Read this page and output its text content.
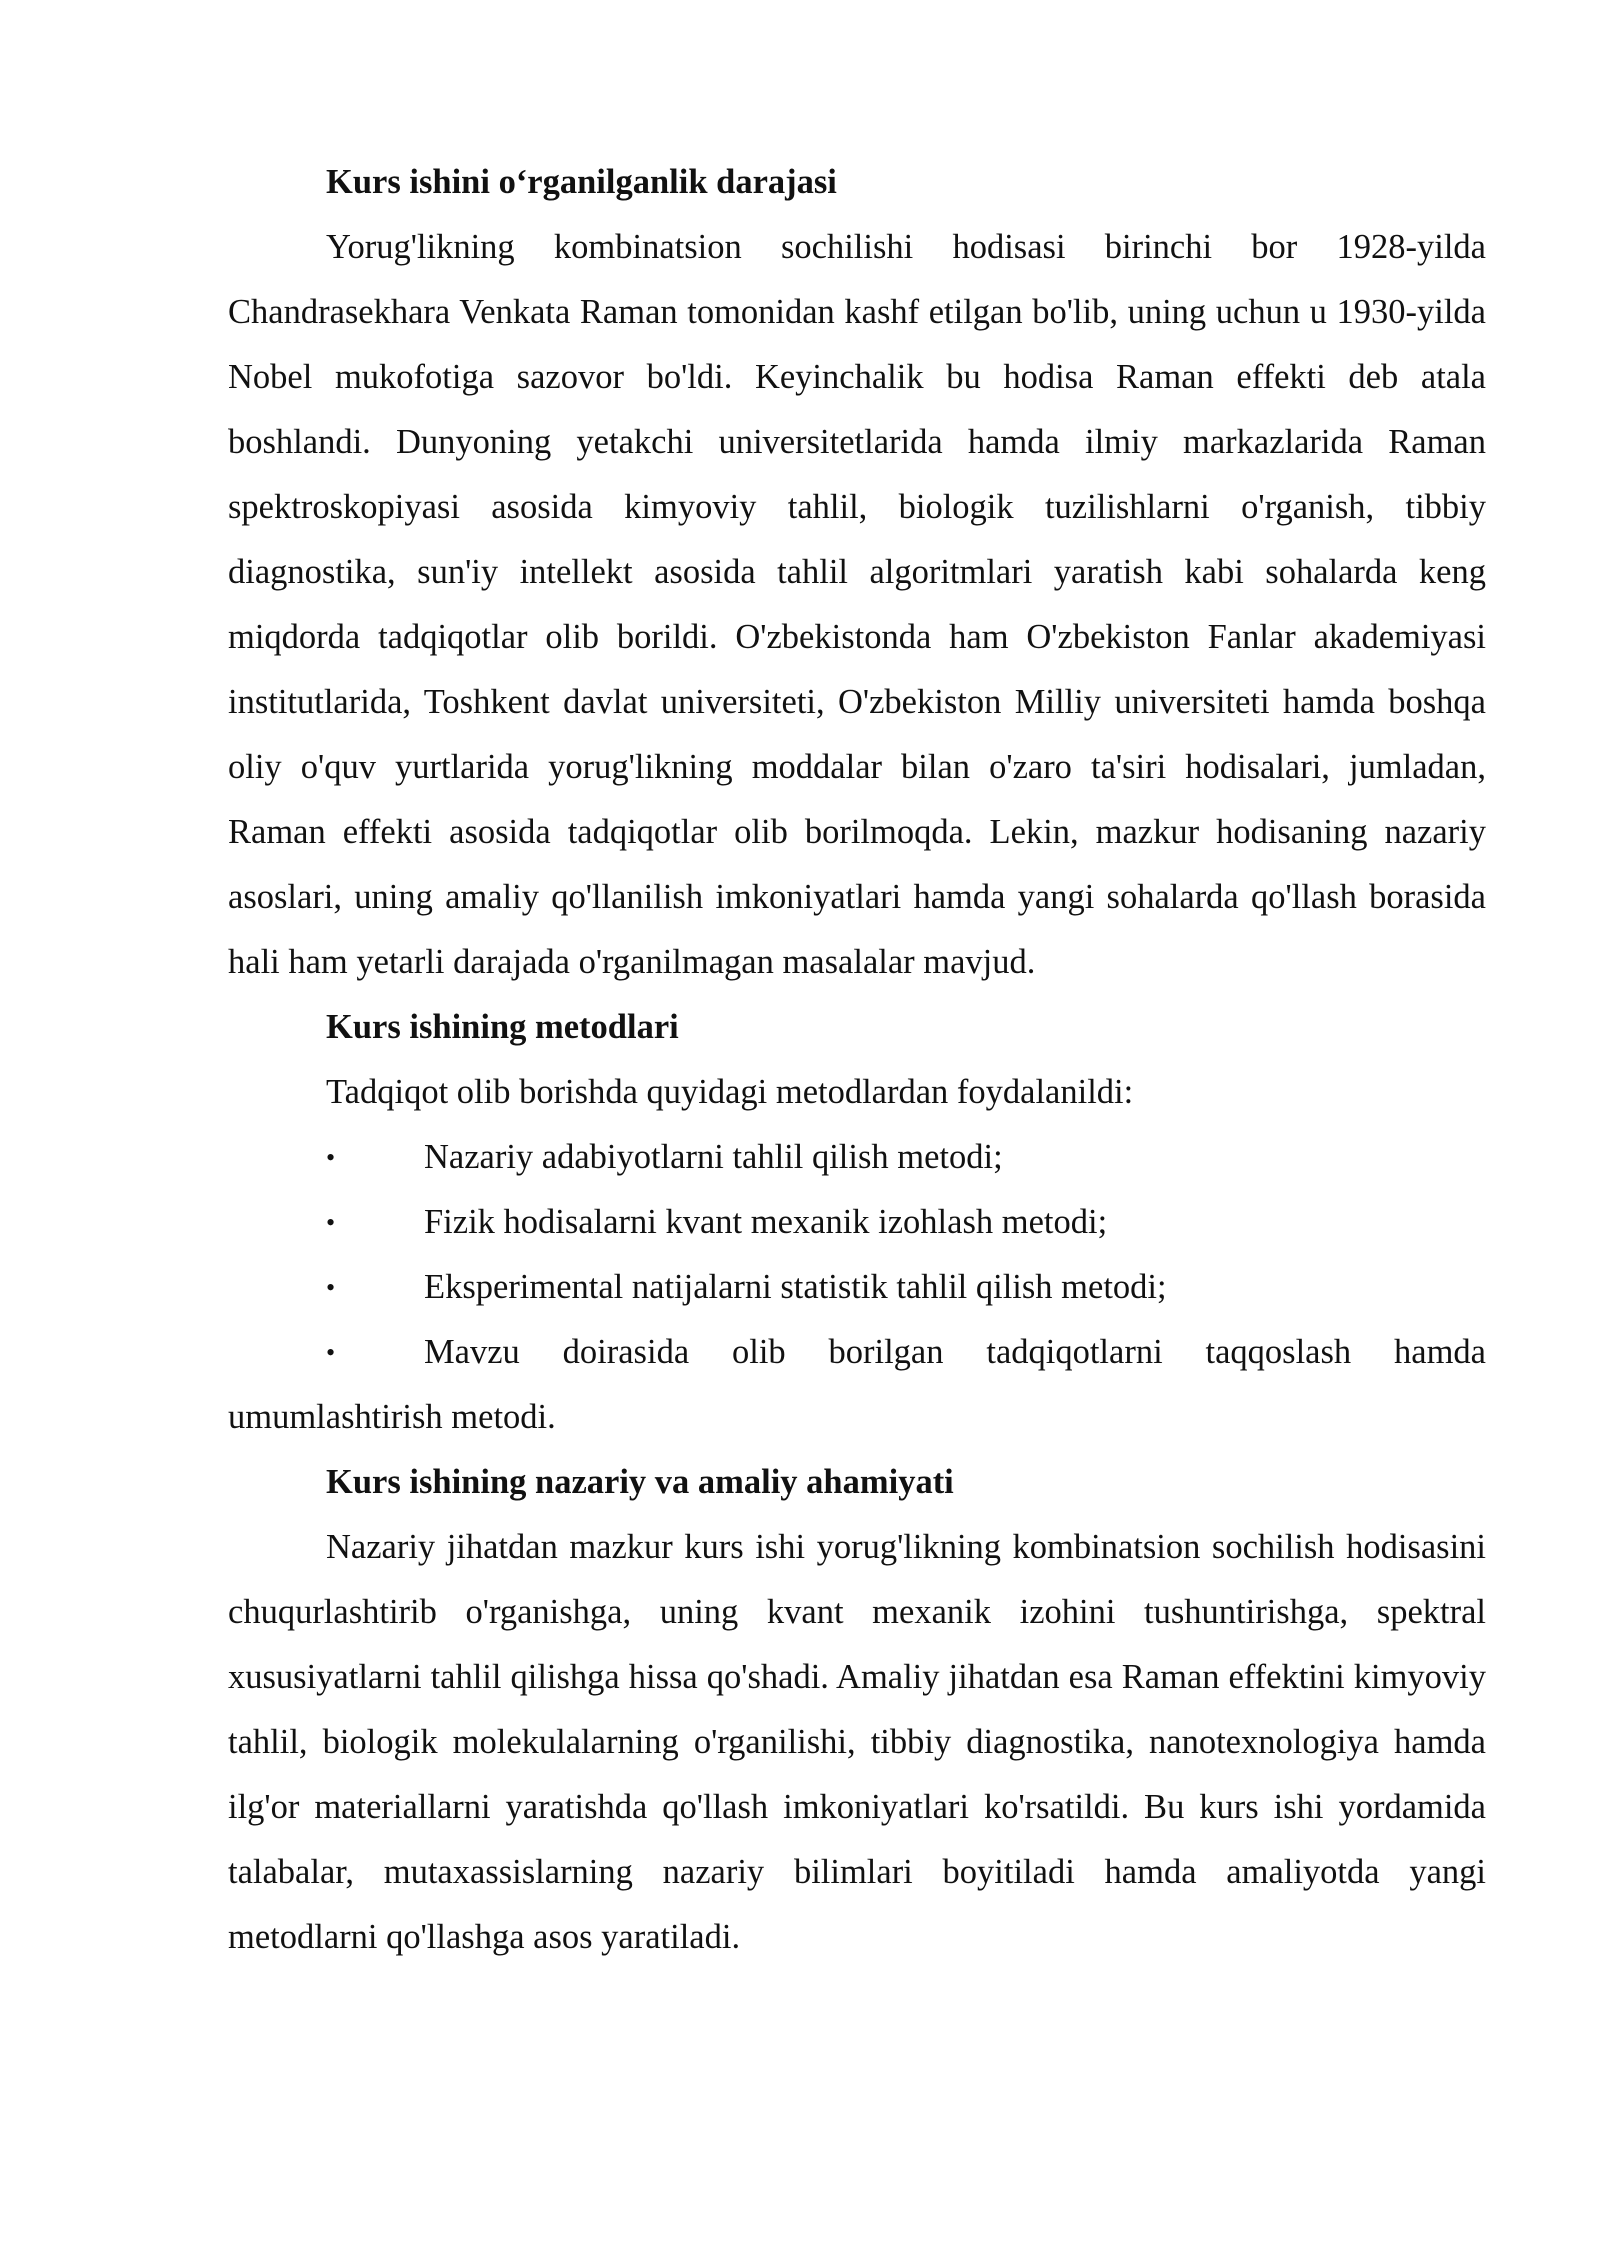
Kurs ishini o‘rganilganlik darajasi

Yorug'likning kombinatsion sochilishi hodisasi birinchi bor 1928-yilda Chandrasekhara Venkata Raman tomonidan kashf etilgan bo'lib, uning uchun u 1930-yilda Nobel mukofotiga sazovor bo'ldi. Keyinchalik bu hodisa Raman effekti deb atala boshlandi. Dunyoning yetakchi universitetlarida hamda ilmiy markazlarida Raman spektroskopiyasi asosida kimyoviy tahlil, biologik tuzilishlarni o'rganish, tibbiy diagnostika, sun'iy intellekt asosida tahlil algoritmlari yaratish kabi sohalarda keng miqdorda tadqiqotlar olib borildi. O'zbekistonda ham O'zbekiston Fanlar akademiyasi institutlarida, Toshkent davlat universiteti, O'zbekiston Milliy universiteti hamda boshqa oliy o'quv yurtlarida yorug'likning moddalar bilan o'zaro ta'siri hodisalari, jumladan, Raman effekti asosida tadqiqotlar olib borilmoqda. Lekin, mazkur hodisaning nazariy asoslari, uning amaliy qo'llanilish imkoniyatlari hamda yangi sohalarda qo'llash borasida hali ham yetarli darajada o'rganilmagan masalalar mavjud.

Kurs ishining metodlari

Tadqiqot olib borishda quyidagi metodlardan foydalanildi:

•	Nazariy adabiyotlarni tahlil qilish metodi;
•	Fizik hodisalarni kvant mexanik izohlash metodi;
•	Eksperimental natijalarni statistik tahlil qilish metodi;
•	Mavzu doirasida olib borilgan tadqiqotlarni taqqoslash hamda umumlashtirish metodi.

Kurs ishining nazariy va amaliy ahamiyati

Nazariy jihatdan mazkur kurs ishi yorug'likning kombinatsion sochilish hodisasini chuqurlashtirib o'rganishga, uning kvant mexanik izohini tushuntirishga, spektral xususiyatlarni tahlil qilishga hissa qo'shadi. Amaliy jihatdan esa Raman effektini kimyoviy tahlil, biologik molekulalarning o'rganilishi, tibbiy diagnostika, nanotexnologiya hamda ilg'or materiallarni yaratishda qo'llash imkoniyatlari ko'rsatildi. Bu kurs ishi yordamida talabalar, mutaxassislarning nazariy bilimlari boyitiladi hamda amaliyotda yangi metodlarni qo'llashga asos yaratiladi.
